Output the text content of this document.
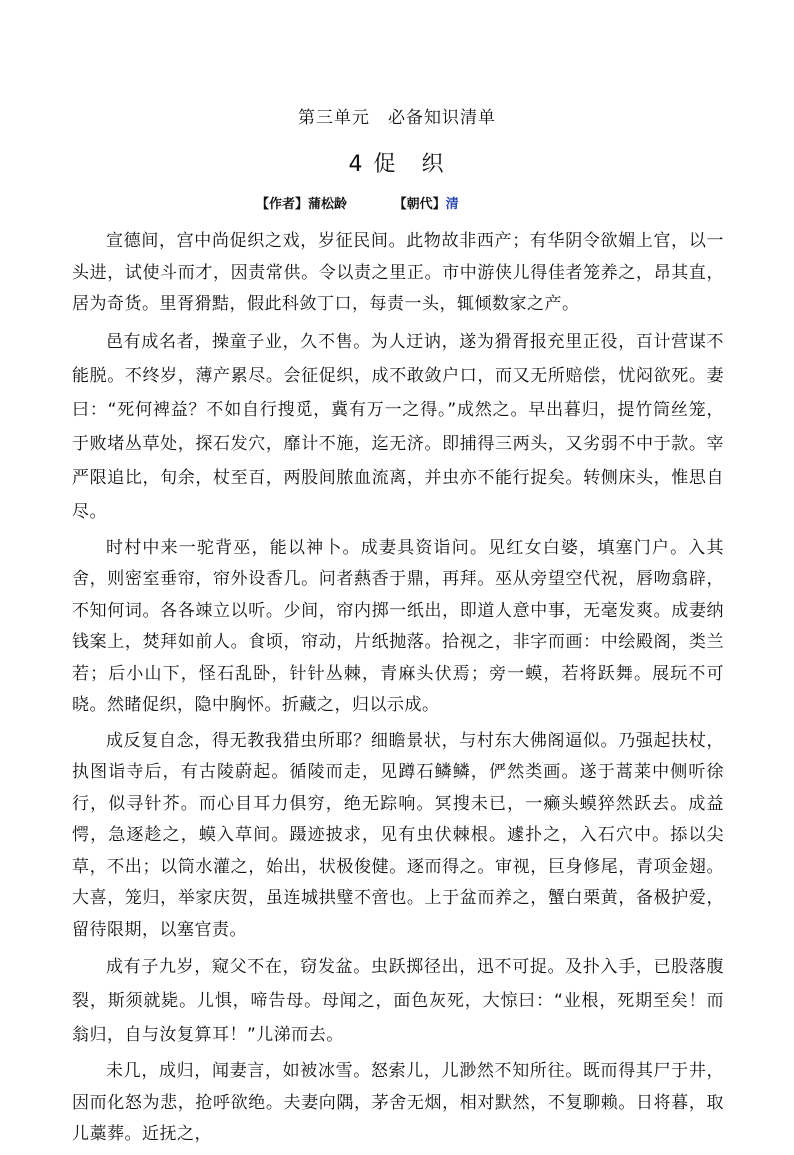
第三单元　必备知识清单
4 促　织
【作者】蒲松龄	【朝代】清

宣德间，宫中尚促织之戏，岁征民间。此物故非西产；有华阴令欲媚上官，以一头进，试使斗而才，因责常供。令以责之里正。市中游侠儿得佳者笼养之，昂其直，居为奇货。里胥猾黠，假此科敛丁口，每责一头，辄倾数家之产。

邑有成名者，操童子业，久不售。为人迂讷，遂为猾胥报充里正役，百计营谋不能脱。不终岁，薄产累尽。会征促织，成不敢敛户口，而又无所赔偿，忧闷欲死。妻曰：“死何裨益？不如自行搜觅，冀有万一之得。”成然之。早出暮归，提竹筒丝笼，于败堵丛草处，探石发穴，靡计不施，迄无济。即捕得三两头，又劣弱不中于款。宰严限追比，旬余，杖至百，两股间脓血流离，并虫亦不能行捉矣。转侧床头，惟思自尽。

时村中来一驼背巫，能以神卜。成妻具资诣问。见红女白婆，填塞门户。入其舍，则密室垂帘，帘外设香几。问者爇香于鼎，再拜。巫从旁望空代祝，唇吻翕辟，不知何词。各各竦立以听。少间，帘内掷一纸出，即道人意中事，无毫发爽。成妻纳钱案上，焚拜如前人。食顷，帘动，片纸抛落。拾视之，非字而画：中绘殿阁，类兰若；后小山下，怪石乱卧，针针丛棘，青麻头伏焉；旁一蟆，若将跃舞。展玩不可晓。然睹促织，隐中胸怀。折藏之，归以示成。

成反复自念，得无教我猎虫所耶？细瞻景状，与村东大佛阁逼似。乃强起扶杖，执图诣寺后，有古陵蔚起。循陵而走，见蹲石鳞鳞，俨然类画。遂于蒿莱中侧听徐行，似寻针芥。而心目耳力俱穷，绝无踪响。冥搜未已，一癞头蟆猝然跃去。成益愕，急逐趁之，蟆入草间。蹑迹披求，见有虫伏棘根。遽扑之，入石穴中。掭以尖草，不出；以筒水灌之，始出，状极俊健。逐而得之。审视，巨身修尾，青项金翅。大喜，笼归，举家庆贺，虽连城拱璧不啻也。上于盆而养之，蟹白栗黄，备极护爱，留待限期，以塞官责。

成有子九岁，窥父不在，窃发盆。虫跃掷径出，迅不可捉。及扑入手，已股落腹裂，斯须就毙。儿惧，啼告母。母闻之，面色灰死，大惊曰：“业根，死期至矣！而翁归，自与汝复算耳！”儿涕而去。

未几，成归，闻妻言，如被冰雪。怒索儿，儿渺然不知所往。既而得其尸于井，因而化怒为悲，抢呼欲绝。夫妻向隅，茅舍无烟，相对默然，不复聊赖。日将暮，取儿藁葬。近抚之，
